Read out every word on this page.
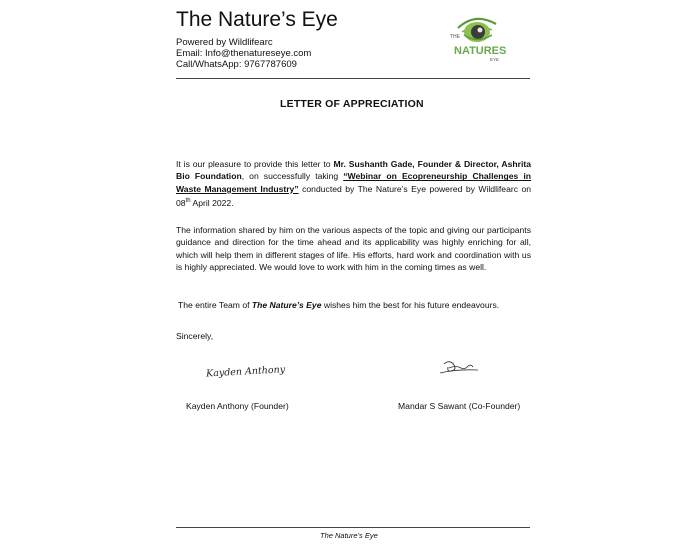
The Nature’s Eye
Powered by Wildlifearc
Email: Info@thenatureseye.com
Call/WhatsApp: 9767787609
THE
NATURES
EYE
LETTER OF APPRECIATION
It is our pleasure to provide this letter to Mr. Sushanth Gade, Founder & Director, Ashrita Bio Foundation, on successfully taking “Webinar on Ecopreneurship Challenges in Waste Management Industry” conducted by The Nature’s Eye powered by Wildlifearc on 08th April 2022.
The information shared by him on the various aspects of the topic and giving our participants guidance and direction for the time ahead and its applicability was highly enriching for all, which will help them in different stages of life. His efforts, hard work and coordination with us is highly appreciated. We would love to work with him in the coming times as well.
The entire Team of The Nature’s Eye wishes him the best for his future endeavours.
Sincerely,
Kayden Anthony
Kayden Anthony (Founder)	Mandar S Sawant (Co-Founder)
The Nature’s Eye
